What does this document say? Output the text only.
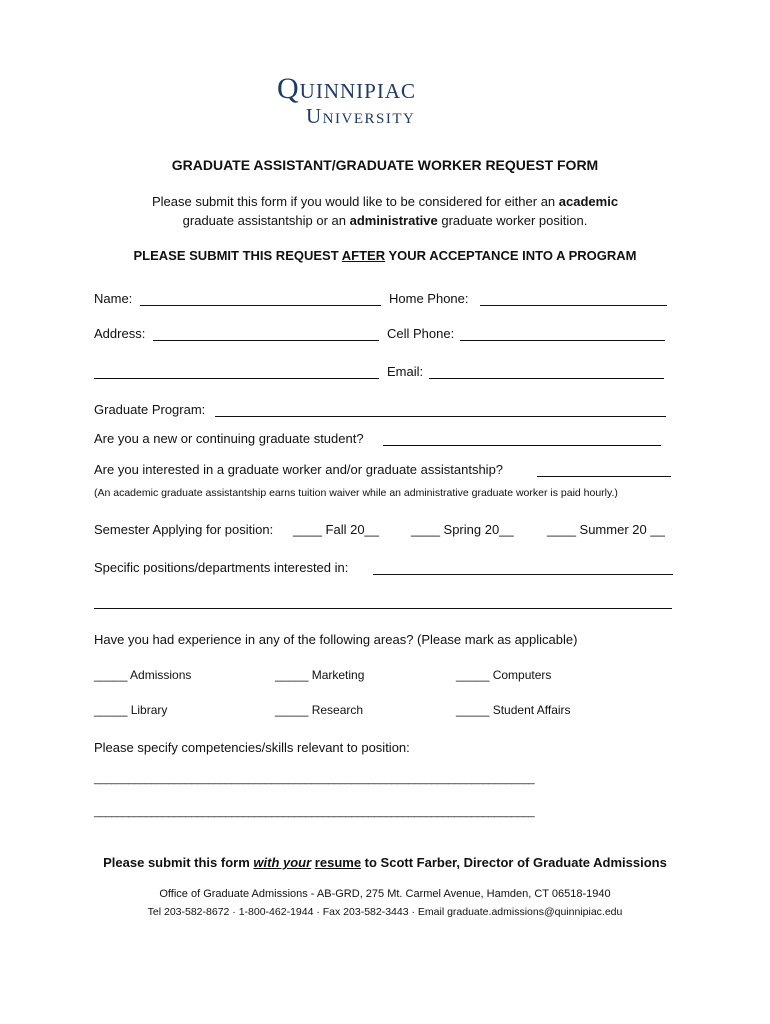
Quinnipiac
University
GRADUATE ASSISTANT/GRADUATE WORKER REQUEST FORM
Please submit this form if you would like to be considered for either an academic
graduate assistantship or an administrative graduate worker position.
PLEASE SUBMIT THIS REQUEST AFTER YOUR ACCEPTANCE INTO A PROGRAM
Name:	Home Phone:
Address:	Cell Phone:
Email:
Graduate Program:
Are you a new or continuing graduate student?
Are you interested in a graduate worker and/or graduate assistantship?
(An academic graduate assistantship earns tuition waiver while an administrative graduate worker is paid hourly.)
Semester Applying for position: ____ Fall 20__ ____ Spring 20__	____ Summer 20 __
Specific positions/departments interested in:
Have you had experience in any of the following areas? (Please mark as applicable)
_____ Admissions	_____ Marketing	_____ Computers
_____ Library	_____ Research	_____ Student Affairs
Please specify competencies/skills relevant to position:
_____________________________________________________________________________
_____________________________________________________________________________
Please submit this form with your resume to Scott Farber, Director of Graduate Admissions
Office of Graduate Admissions - AB-GRD, 275 Mt. Carmel Avenue, Hamden, CT 06518-1940
Tel 203-582-8672 · 1-800-462-1944 · Fax 203-582-3443 · Email graduate.admissions@quinnipiac.edu
